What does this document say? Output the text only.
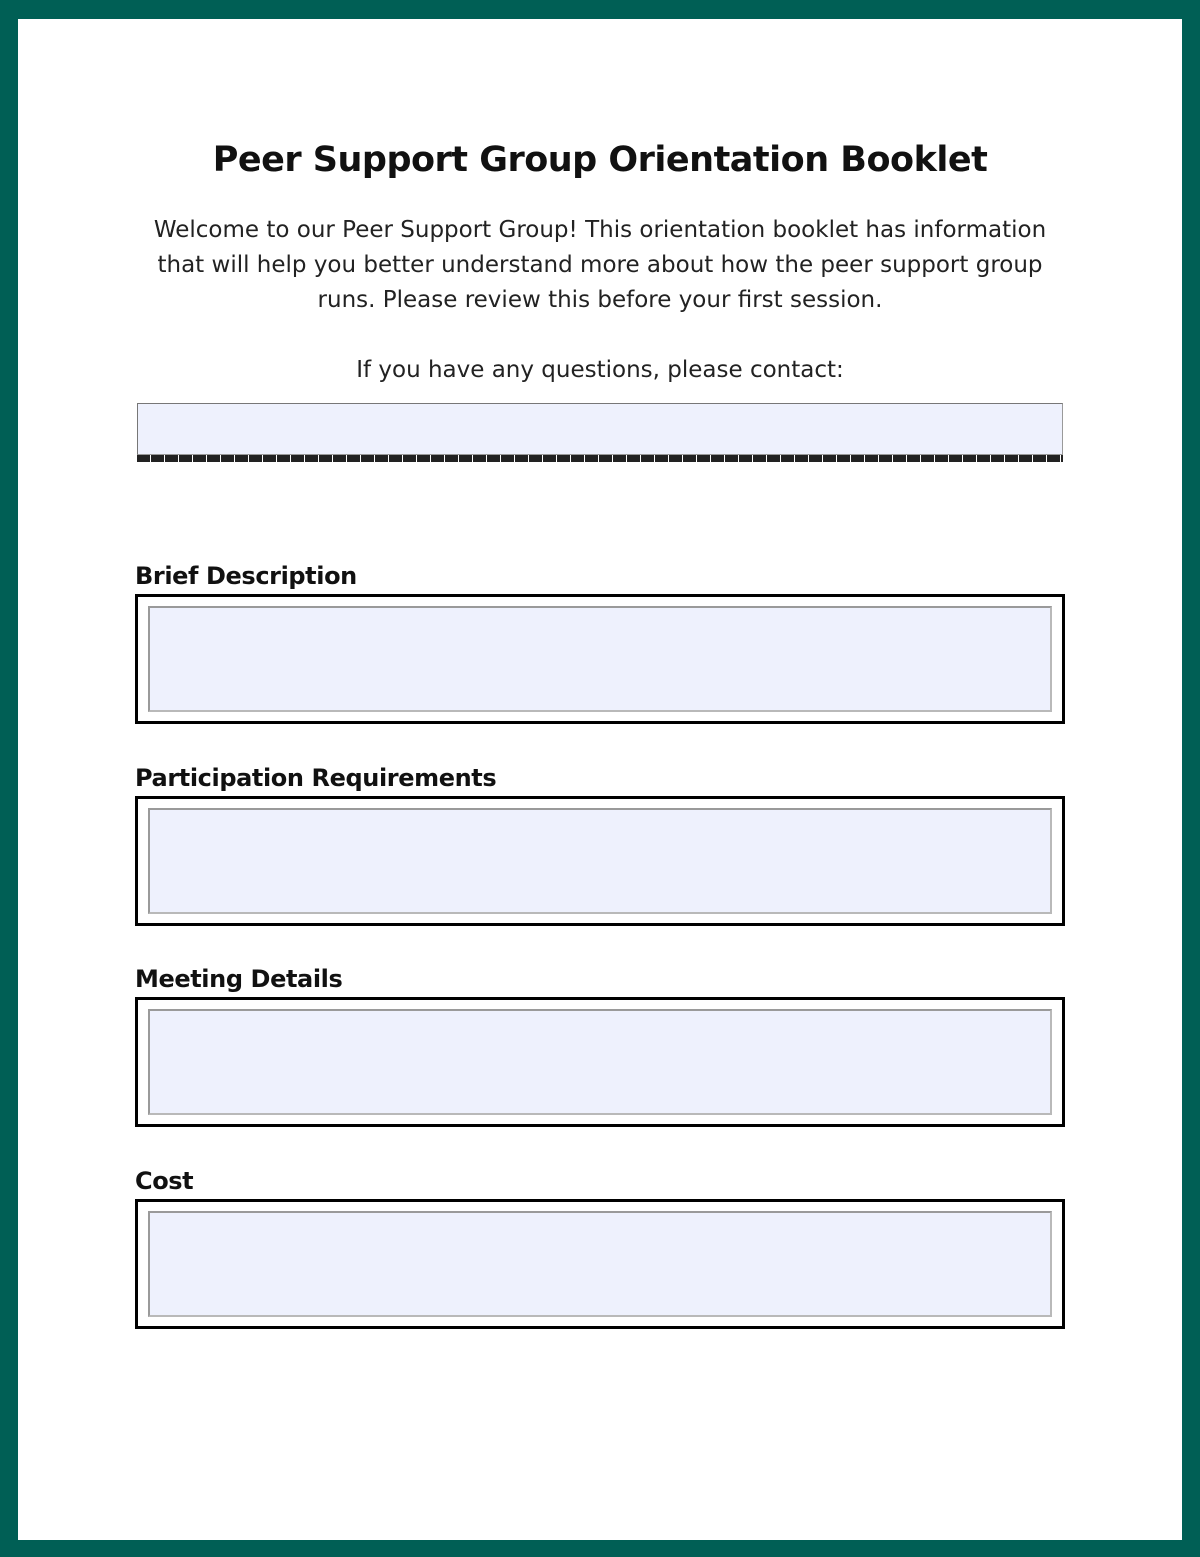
Peer Support Group Orientation Booklet
Welcome to our Peer Support Group! This orientation booklet has information that will help you better understand more about how the peer support group runs. Please review this before your first session.
If you have any questions, please contact:
Brief Description
Participation Requirements
Meeting Details
Cost
